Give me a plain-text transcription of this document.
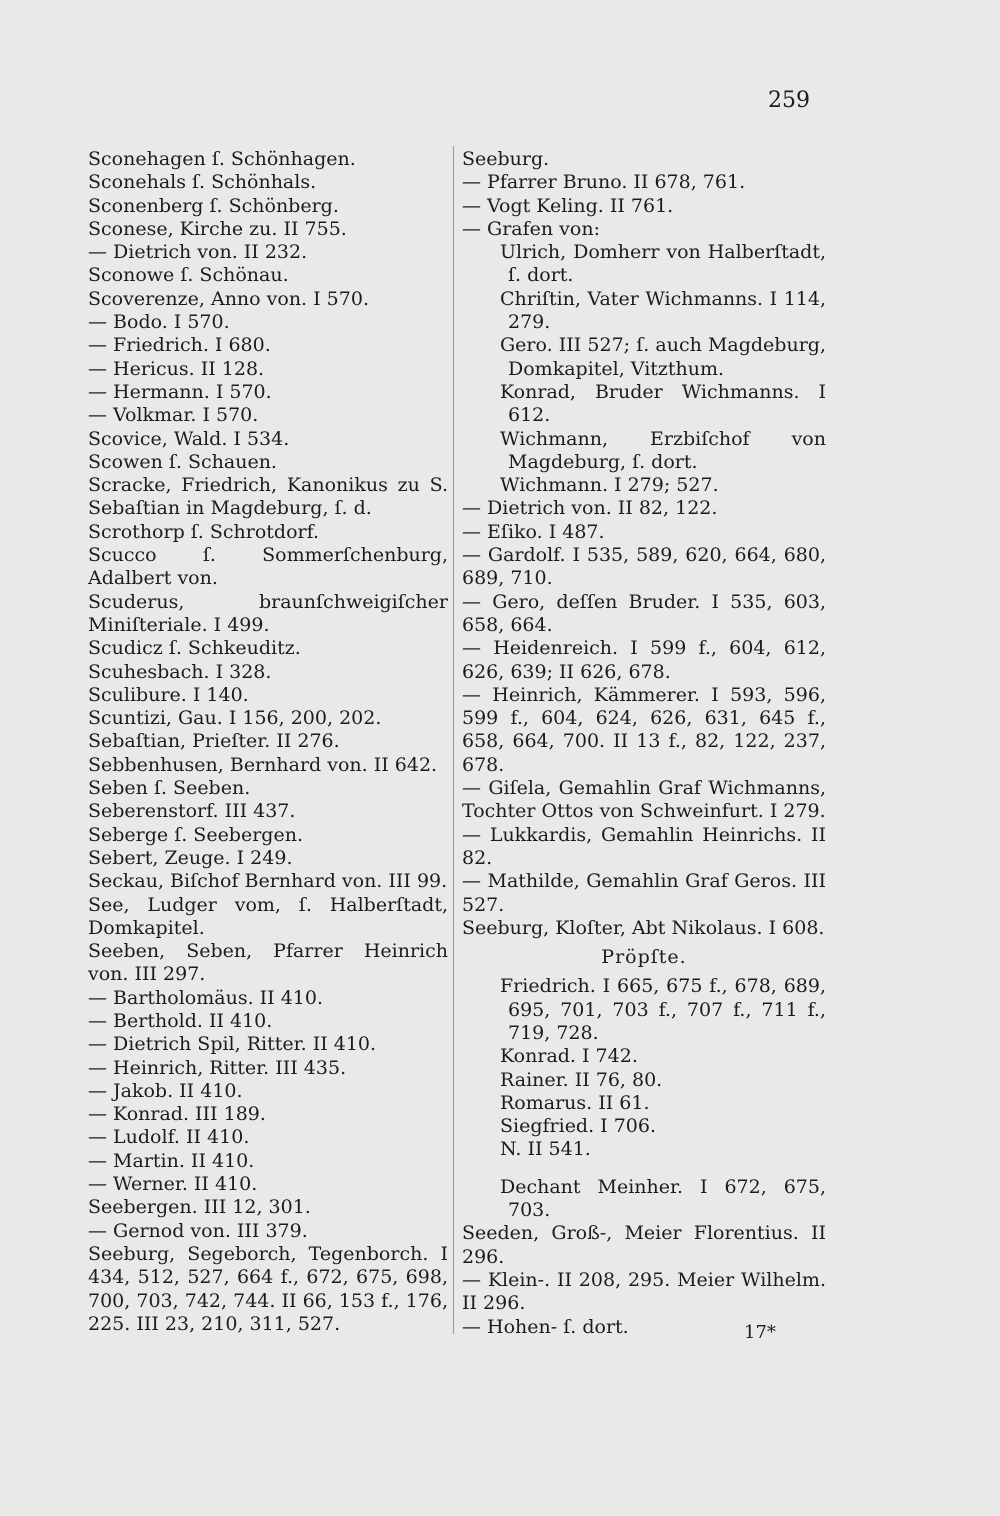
259

Sconehagen ſ. Schönhagen.

Sconehals ſ. Schönhals.

Sconenberg ſ. Schönberg.

Sconese, Kirche zu. II 755.

— Dietrich von. II 232.

Sconowe ſ. Schönau.

Scoverenze, Anno von. I 570.

— Bodo. I 570.

— Friedrich. I 680.

— Hericus. II 128.

— Hermann. I 570.

— Volkmar. I 570.

Scovice, Wald. I 534.

Scowen ſ. Schauen.

Scracke, Friedrich, Kanonikus zu S. Sebaſtian in Magdeburg, ſ. d.

Scrothorp ſ. Schrotdorf.

Scucco ſ. Sommerſchenburg, Adalbert von.

Scuderus, braunſchweigiſcher Miniſteriale. I 499.

Scudicz ſ. Schkeuditz.

Scuhesbach. I 328.

Sculibure. I 140.

Scuntizi, Gau. I 156, 200, 202.

Sebaſtian, Prieſter. II 276.

Sebbenhusen, Bernhard von. II 642.

Seben ſ. Seeben.

Seberenstorf. III 437.

Seberge ſ. Seebergen.

Sebert, Zeuge. I 249.

Seckau, Biſchof Bernhard von. III 99.

See, Ludger vom, ſ. Halberſtadt, Domkapitel.

Seeben, Seben, Pfarrer Heinrich von. III 297.

— Bartholomäus. II 410.

— Berthold. II 410.

— Dietrich Spil, Ritter. II 410.

— Heinrich, Ritter. III 435.

— Jakob. II 410.

— Konrad. III 189.

— Ludolf. II 410.

— Martin. II 410.

— Werner. II 410.

Seebergen. III 12, 301.

— Gernod von. III 379.

Seeburg, Segeborch, Tegenborch. I 434, 512, 527, 664 f., 672, 675, 698, 700, 703, 742, 744. II 66, 153 f., 176, 225. III 23, 210, 311, 527.

Seeburg.

— Pfarrer Bruno. II 678, 761.

— Vogt Keling. II 761.

— Grafen von:

Ulrich, Domherr von Halberſtadt, ſ. dort.

Chriſtin, Vater Wichmanns. I 114, 279.

Gero. III 527; ſ. auch Magdeburg, Domkapitel, Vitzthum.

Konrad, Bruder Wichmanns. I 612.

Wichmann, Erzbiſchof von Magdeburg, ſ. dort.

Wichmann. I 279; 527.

— Dietrich von. II 82, 122.

— Eſiko. I 487.

— Gardolf. I 535, 589, 620, 664, 680, 689, 710.

— Gero, deſſen Bruder. I 535, 603, 658, 664.

— Heidenreich. I 599 f., 604, 612, 626, 639; II 626, 678.

— Heinrich, Kämmerer. I 593, 596, 599 f., 604, 624, 626, 631, 645 f., 658, 664, 700. II 13 f., 82, 122, 237, 678.

— Giſela, Gemahlin Graf Wichmanns, Tochter Ottos von Schweinfurt. I 279.

— Lukkardis, Gemahlin Heinrichs. II 82.

— Mathilde, Gemahlin Graf Geros. III 527.

Seeburg, Kloſter, Abt Nikolaus. I 608.

Pröpſte.

Friedrich. I 665, 675 f., 678, 689, 695, 701, 703 f., 707 f., 711 f., 719, 728.

Konrad. I 742.

Rainer. II 76, 80.

Romarus. II 61.

Siegfried. I 706.

N. II 541.

Dechant Meinher. I 672, 675, 703.

Seeden, Groß-, Meier Florentius. II 296.

— Klein-. II 208, 295. Meier Wilhelm. II 296.

— Hohen- ſ. dort.	17*
